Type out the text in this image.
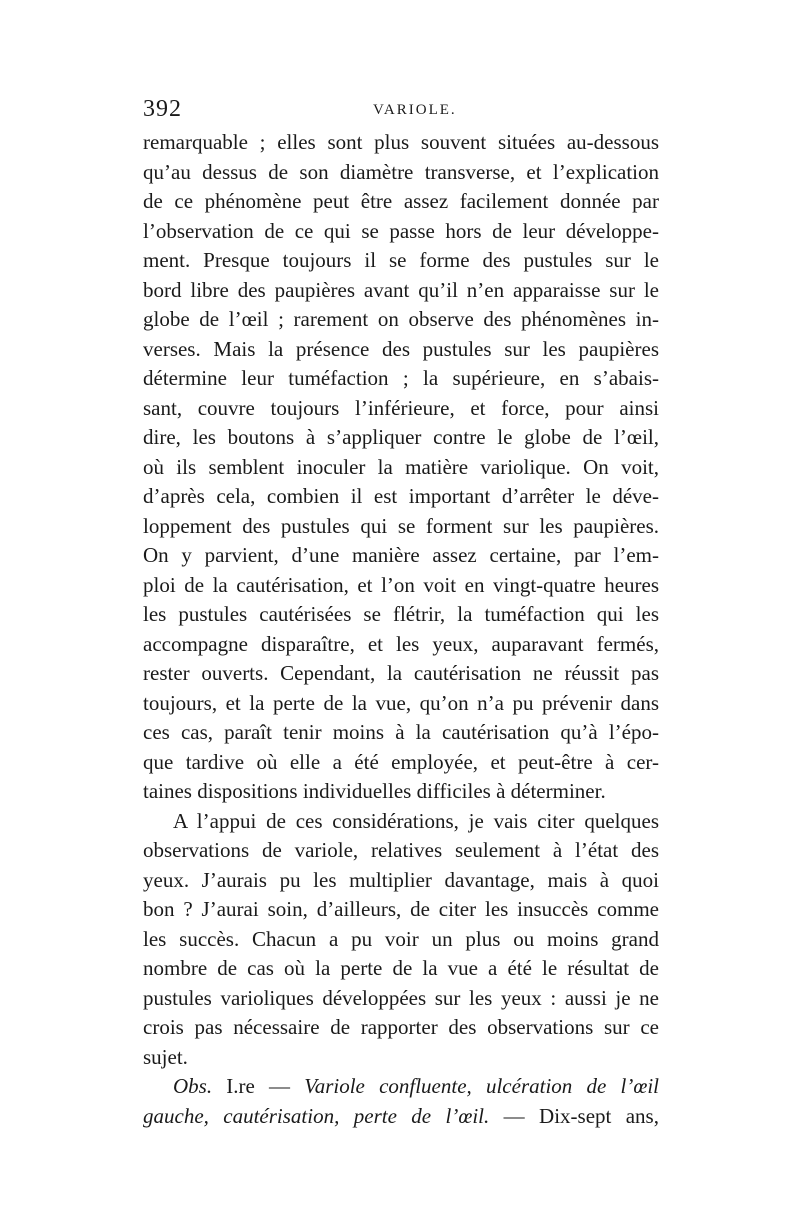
392	VARIOLE.
remarquable ; elles sont plus souvent situées au-dessous
qu’au dessus de son diamètre transverse, et l’explication
de ce phénomène peut être assez facilement donnée par
l’observation de ce qui se passe hors de leur développe-
ment. Presque toujours il se forme des pustules sur le
bord libre des paupières avant qu’il n’en apparaisse sur le
globe de l’œil ; rarement on observe des phénomènes in-
verses. Mais la présence des pustules sur les paupières
détermine leur tuméfaction ; la supérieure, en s’abais-
sant, couvre toujours l’inférieure, et force, pour ainsi
dire, les boutons à s’appliquer contre le globe de l’œil,
où ils semblent inoculer la matière variolique. On voit,
d’après cela, combien il est important d’arrêter le déve-
loppement des pustules qui se forment sur les paupières.
On y parvient, d’une manière assez certaine, par l’em-
ploi de la cautérisation, et l’on voit en vingt-quatre heures
les pustules cautérisées se flétrir, la tuméfaction qui les
accompagne disparaître, et les yeux, auparavant fermés,
rester ouverts. Cependant, la cautérisation ne réussit pas
toujours, et la perte de la vue, qu’on n’a pu prévenir dans
ces cas, paraît tenir moins à la cautérisation qu’à l’épo-
que tardive où elle a été employée, et peut-être à cer-
taines dispositions individuelles difficiles à déterminer.
A l’appui de ces considérations, je vais citer quelques
observations de variole, relatives seulement à l’état des
yeux. J’aurais pu les multiplier davantage, mais à quoi
bon ? J’aurai soin, d’ailleurs, de citer les insuccès comme
les succès. Chacun a pu voir un plus ou moins grand
nombre de cas où la perte de la vue a été le résultat de
pustules varioliques développées sur les yeux : aussi je ne
crois pas nécessaire de rapporter des observations sur ce
sujet.
Obs. I.re — Variole confluente, ulcération de l’œil
gauche, cautérisation, perte de l’œil. — Dix-sept ans,
